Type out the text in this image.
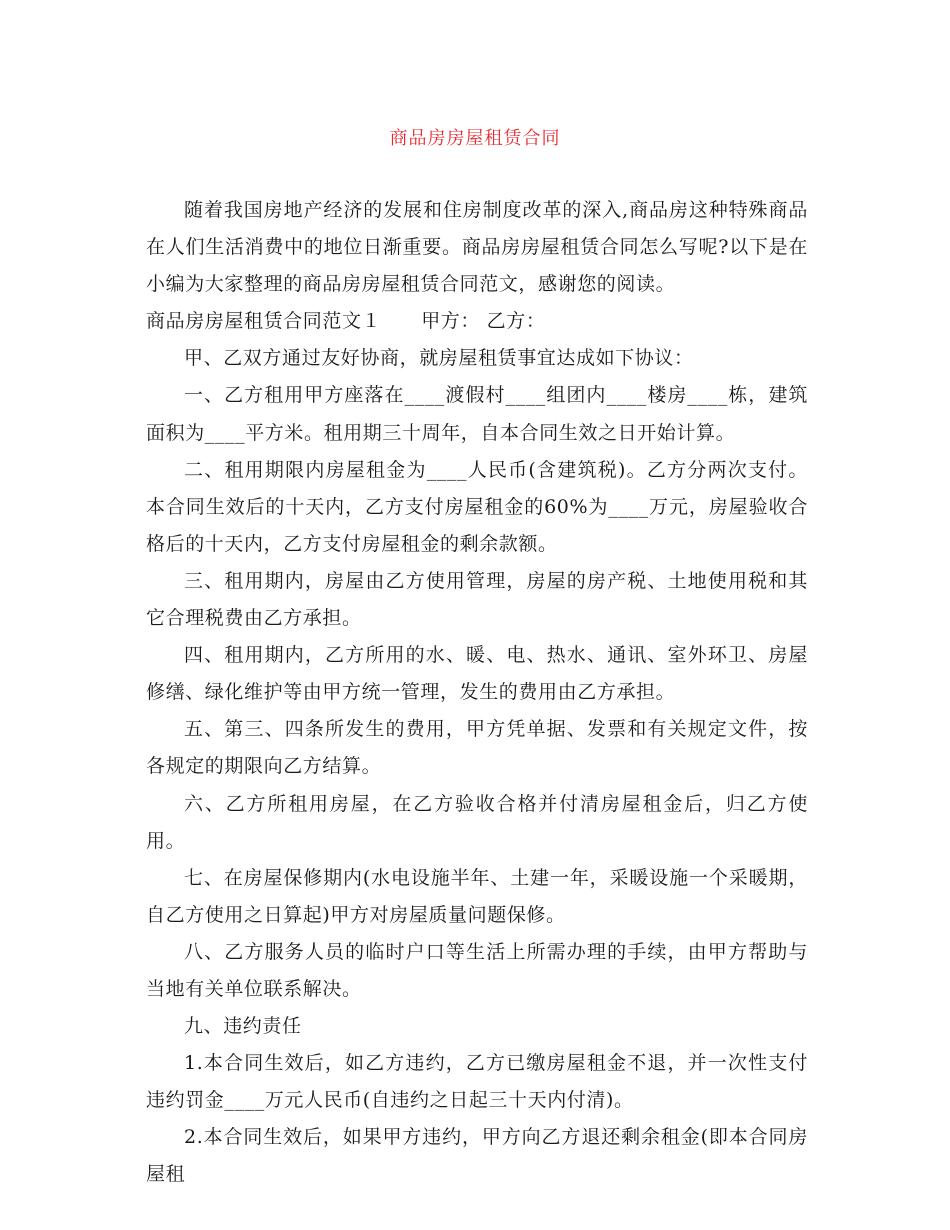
商品房房屋租赁合同

随着我国房地产经济的发展和住房制度改革的深入,商品房这种特殊商品在人们生活消费中的地位日渐重要。商品房房屋租赁合同怎么写呢?以下是在小编为大家整理的商品房房屋租赁合同范文，感谢您的阅读。

商品房房屋租赁合同范文１ 甲方： 乙方：

甲、乙双方通过友好协商，就房屋租赁事宜达成如下协议：

一、乙方租用甲方座落在____渡假村____组团内____楼房____栋，建筑面积为____平方米。租用期三十周年，自本合同生效之日开始计算。

二、租用期限内房屋租金为____人民币(含建筑税)。乙方分两次支付。本合同生效后的十天内，乙方支付房屋租金的60%为____万元，房屋验收合格后的十天内，乙方支付房屋租金的剩余款额。

三、租用期内，房屋由乙方使用管理，房屋的房产税、土地使用税和其它合理税费由乙方承担。

四、租用期内，乙方所用的水、暖、电、热水、通讯、室外环卫、房屋修缮、绿化维护等由甲方统一管理，发生的费用由乙方承担。

五、第三、四条所发生的费用，甲方凭单据、发票和有关规定文件，按各规定的期限向乙方结算。

六、乙方所租用房屋，在乙方验收合格并付清房屋租金后，归乙方使用。

七、在房屋保修期内(水电设施半年、土建一年，采暖设施一个采暖期，自乙方使用之日算起)甲方对房屋质量问题保修。

八、乙方服务人员的临时户口等生活上所需办理的手续，由甲方帮助与当地有关单位联系解决。

九、违约责任

1.本合同生效后，如乙方违约，乙方已缴房屋租金不退，并一次性支付违约罚金____万元人民币(自违约之日起三十天内付清)。

2.本合同生效后，如果甲方违约，甲方向乙方退还剩余租金(即本合同房屋租
